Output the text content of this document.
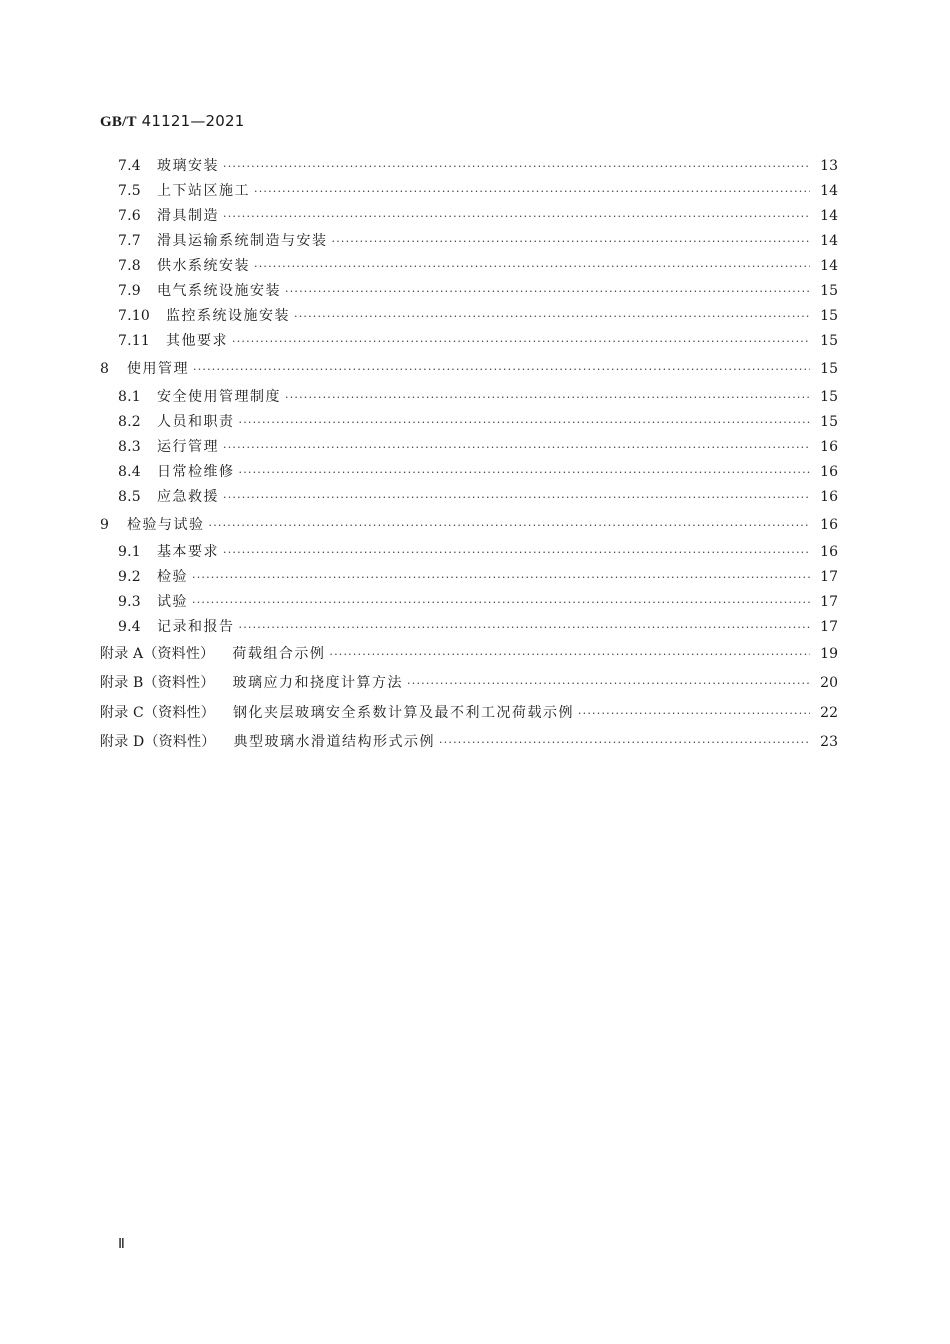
GB/T 41121—2021
7.4	玻璃安装 ·····	13
7.5	上下站区施工 ·····	14
7.6	滑具制造 ·····	14
7.7	滑具运输系统制造与安装 ·····	14
7.8	供水系统安装 ·····	14
7.9	电气系统设施安装 ·····	15
7.10	监控系统设施安装 ·····	15
7.11	其他要求 ·····	15
8	使用管理 ·····	15
8.1	安全使用管理制度 ·····	15
8.2	人员和职责 ·····	15
8.3	运行管理 ·····	16
8.4	日常检维修 ·····	16
8.5	应急救援 ·····	16
9	检验与试验 ·····	16
9.1	基本要求 ·····	16
9.2	检验 ·····	17
9.3	试验 ·····	17
9.4	记录和报告 ·····	17
附录 A（资料性） 荷载组合示例 ·····	19
附录 B（资料性） 玻璃应力和挠度计算方法 ·····	20
附录 C（资料性） 钢化夹层玻璃安全系数计算及最不利工况荷载示例 ·····	22
附录 D（资料性） 典型玻璃水滑道结构形式示例 ·····	23
Ⅱ
